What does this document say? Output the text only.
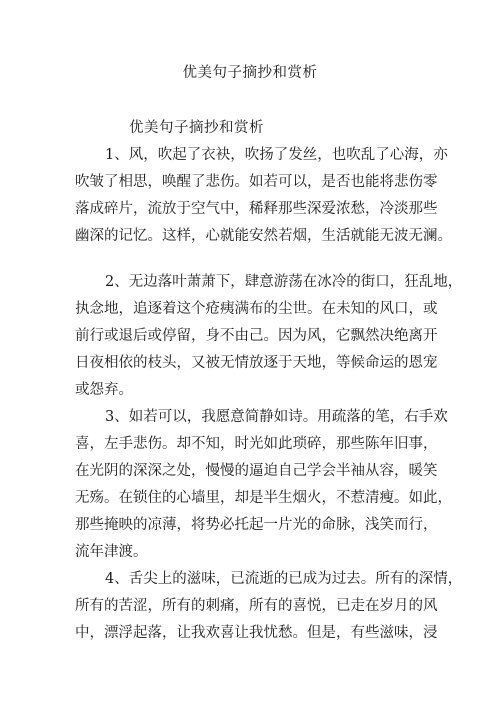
优美句子摘抄和赏析
优美句子摘抄和赏析
1、风，吹起了衣袂，吹扬了发丝，也吹乱了心海，亦
吹皱了相思，唤醒了悲伤。如若可以，是否也能将悲伤零
落成碎片，流放于空气中，稀释那些深爱浓愁，冷淡那些
幽深的记忆。这样，心就能安然若烟，生活就能无波无澜。
2、无边落叶萧萧下，肆意游荡在冰冷的街口，狂乱地，
执念地，追逐着这个疮痍满布的尘世。在未知的风口，或
前行或退后或停留，身不由己。因为风，它飘然决绝离开
日夜相依的枝头，又被无情放逐于天地，等候命运的恩宠
或怨弃。
3、如若可以，我愿意简静如诗。用疏落的笔，右手欢
喜，左手悲伤。却不知，时光如此琐碎，那些陈年旧事，
在光阴的深深之处，慢慢的逼迫自己学会半袖从容，暖笑
无殇。在锁住的心墙里，却是半生烟火，不惹清瘦。如此，
那些掩映的凉薄，将势必托起一片光的命脉，浅笑而行，
流年津渡。
4、舌尖上的滋味，已流逝的已成为过去。所有的深情，
所有的苦涩，所有的刺痛，所有的喜悦，已走在岁月的风
中，漂浮起落，让我欢喜让我忧愁。但是，有些滋味，浸
